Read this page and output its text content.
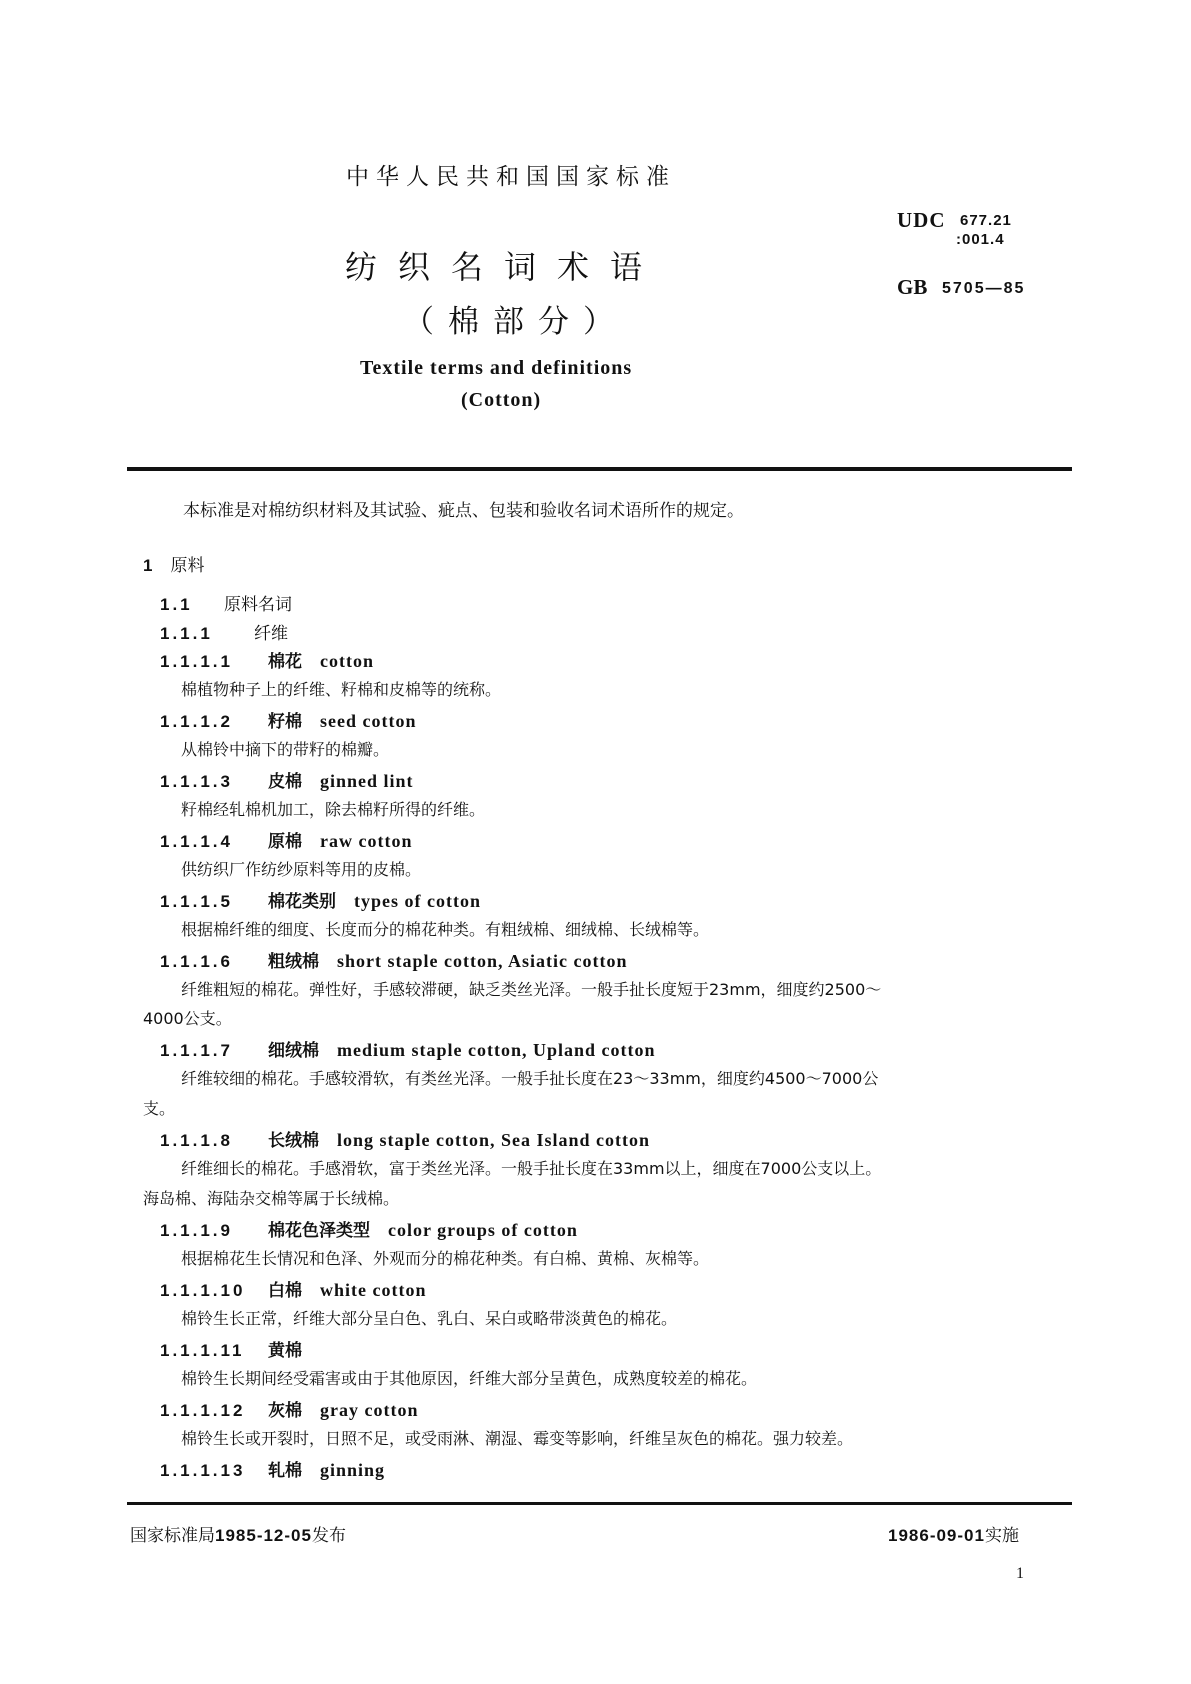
中华人民共和国国家标准
纺织名词术语
（棉部分）
Textile terms and definitions
(Cotton)
UDC 677.21
:001.4
GB 5705—85
本标准是对棉纺织材料及其试验、疵点、包装和验收名词术语所作的规定。
1 原料
1.1 原料名词
1.1.1 纤维
1.1.1.1 棉花 cotton
棉植物种子上的纤维、籽棉和皮棉等的统称。
1.1.1.2 籽棉 seed cotton
从棉铃中摘下的带籽的棉瓣。
1.1.1.3 皮棉 ginned lint
籽棉经轧棉机加工，除去棉籽所得的纤维。
1.1.1.4 原棉 raw cotton
供纺织厂作纺纱原料等用的皮棉。
1.1.1.5 棉花类别 types of cotton
根据棉纤维的细度、长度而分的棉花种类。有粗绒棉、细绒棉、长绒棉等。
1.1.1.6 粗绒棉 short staple cotton, Asiatic cotton
纤维粗短的棉花。弹性好，手感较滞硬，缺乏类丝光泽。一般手扯长度短于23mm，细度约2500～
4000公支。
1.1.1.7 细绒棉 medium staple cotton, Upland cotton
纤维较细的棉花。手感较滑软，有类丝光泽。一般手扯长度在23～33mm，细度约4500～7000公
支。
1.1.1.8 长绒棉 long staple cotton, Sea Island cotton
纤维细长的棉花。手感滑软，富于类丝光泽。一般手扯长度在33mm以上，细度在7000公支以上。
海岛棉、海陆杂交棉等属于长绒棉。
1.1.1.9 棉花色泽类型 color groups of cotton
根据棉花生长情况和色泽、外观而分的棉花种类。有白棉、黄棉、灰棉等。
1.1.1.10 白棉 white cotton
棉铃生长正常，纤维大部分呈白色、乳白、呆白或略带淡黄色的棉花。
1.1.1.11 黄棉
棉铃生长期间经受霜害或由于其他原因，纤维大部分呈黄色，成熟度较差的棉花。
1.1.1.12 灰棉 gray cotton
棉铃生长或开裂时，日照不足，或受雨淋、潮湿、霉变等影响，纤维呈灰色的棉花。强力较差。
1.1.1.13 轧棉 ginning
国家标准局1985-12-05发布	1986-09-01实施
1
